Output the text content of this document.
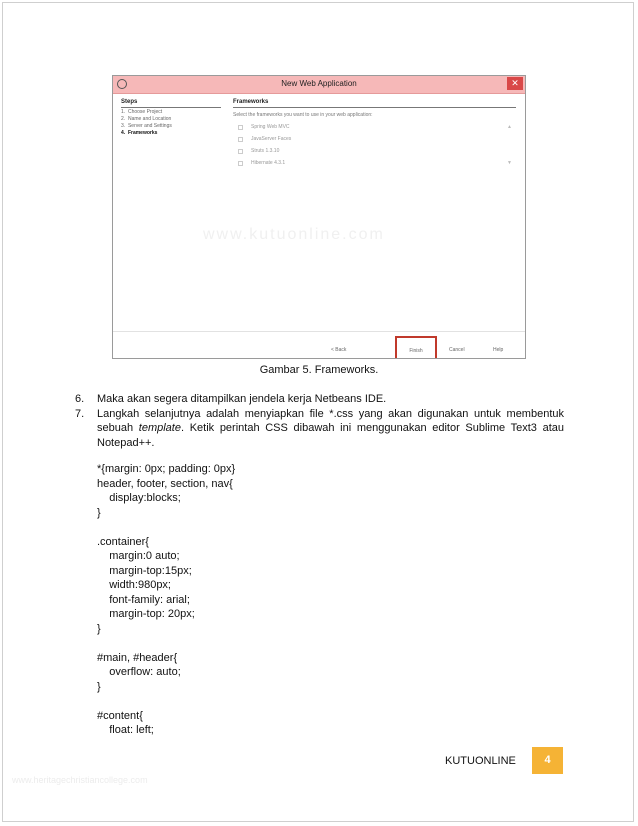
New Web Application	✕
Steps
1. Choose Project
2. Name and Location
3. Server and Settings
4. Frameworks
Frameworks
Select the frameworks you want to use in your web application:
Spring Web MVC	▲
JavaServer Faces
Struts 1.3.10
Hibernate 4.3.1	▼
www.kutuonline.com
< Back	Finish	Cancel	Help
Gambar 5. Frameworks.
6. Maka akan segera ditampilkan jendela kerja Netbeans IDE.
7. Langkah selanjutnya adalah menyiapkan file *.css yang akan digunakan untuk membentuk sebuah template. Ketik perintah CSS dibawah ini menggunakan editor Sublime Text3 atau Notepad++.
*{margin: 0px; padding: 0px}
header, footer, section, nav{
display:blocks;
}
.container{
margin:0 auto;
margin-top:15px;
width:980px;
font-family: arial;
margin-top: 20px;
}
#main, #header{
overflow: auto;
}
#content{
float: left;
KUTUONLINE	4
www.heritagechristiancollege.com
